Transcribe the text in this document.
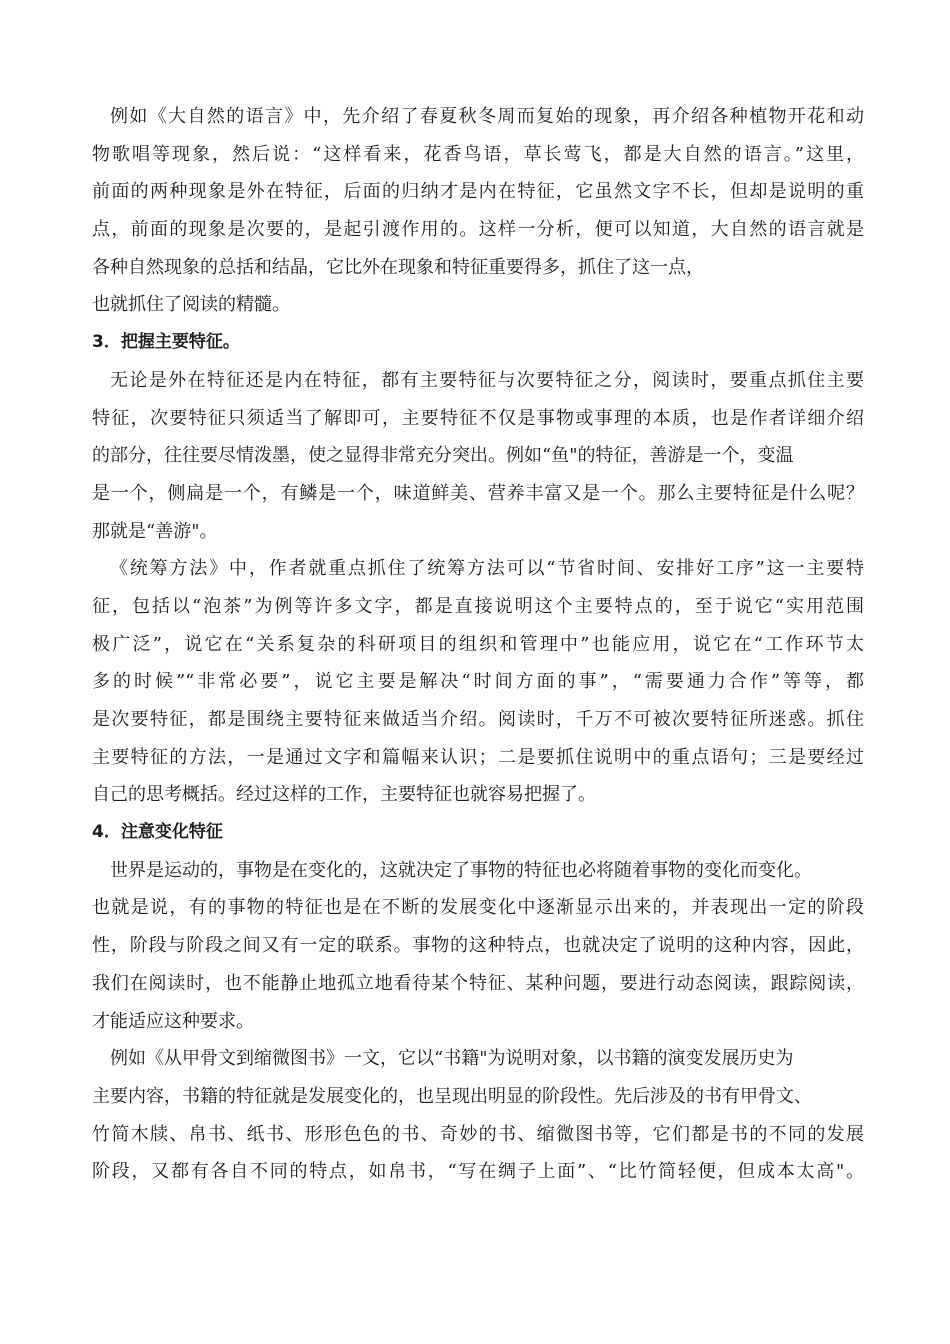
例如《大自然的语言》中，先介绍了春夏秋冬周而复始的现象，再介绍各种植物开花和动
物歌唱等现象，然后说：“这样看来，花香鸟语，草长莺飞，都是大自然的语言。”这里，
前面的两种现象是外在特征，后面的归纳才是内在特征，它虽然文字不长，但却是说明的重
点，前面的现象是次要的，是起引渡作用的。这样一分析，便可以知道，大自然的语言就是
各种自然现象的总括和结晶，它比外在现象和特征重要得多，抓住了这一点，
也就抓住了阅读的精髓。
3．把握主要特征。
无论是外在特征还是内在特征，都有主要特征与次要特征之分，阅读时，要重点抓住主要
特征，次要特征只须适当了解即可，主要特征不仅是事物或事理的本质，也是作者详细介绍
的部分，往往要尽情泼墨，使之显得非常充分突出。例如“鱼"的特征，善游是一个，变温
是一个，侧扁是一个，有鳞是一个，味道鲜美、营养丰富又是一个。那么主要特征是什么呢？
那就是“善游"。
《统筹方法》中，作者就重点抓住了统筹方法可以“节省时间、安排好工序”这一主要特
征，包括以“泡茶”为例等许多文字，都是直接说明这个主要特点的，至于说它“实用范围
极广泛”，说它在“关系复杂的科研项目的组织和管理中”也能应用，说它在“工作环节太
多的时候”“非常必要”，说它主要是解决“时间方面的事”，“需要通力合作”等等，都
是次要特征，都是围绕主要特征来做适当介绍。阅读时，千万不可被次要特征所迷惑。抓住
主要特征的方法，一是通过文字和篇幅来认识；二是要抓住说明中的重点语句；三是要经过
自己的思考概括。经过这样的工作，主要特征也就容易把握了。
4．注意变化特征
世界是运动的，事物是在变化的，这就决定了事物的特征也必将随着事物的变化而变化。
也就是说，有的事物的特征也是在不断的发展变化中逐渐显示出来的，并表现出一定的阶段
性，阶段与阶段之间又有一定的联系。事物的这种特点，也就决定了说明的这种内容，因此，
我们在阅读时，也不能静止地孤立地看待某个特征、某种问题，要进行动态阅读，跟踪阅读，
才能适应这种要求。
例如《从甲骨文到缩微图书》一文，它以“书籍"为说明对象，以书籍的演变发展历史为
主要内容，书籍的特征就是发展变化的，也呈现出明显的阶段性。先后涉及的书有甲骨文、
竹简木牍、帛书、纸书、形形色色的书、奇妙的书、缩微图书等，它们都是书的不同的发展
阶段，又都有各自不同的特点，如帛书，“写在绸子上面”、“比竹简轻便，但成本太高"。
